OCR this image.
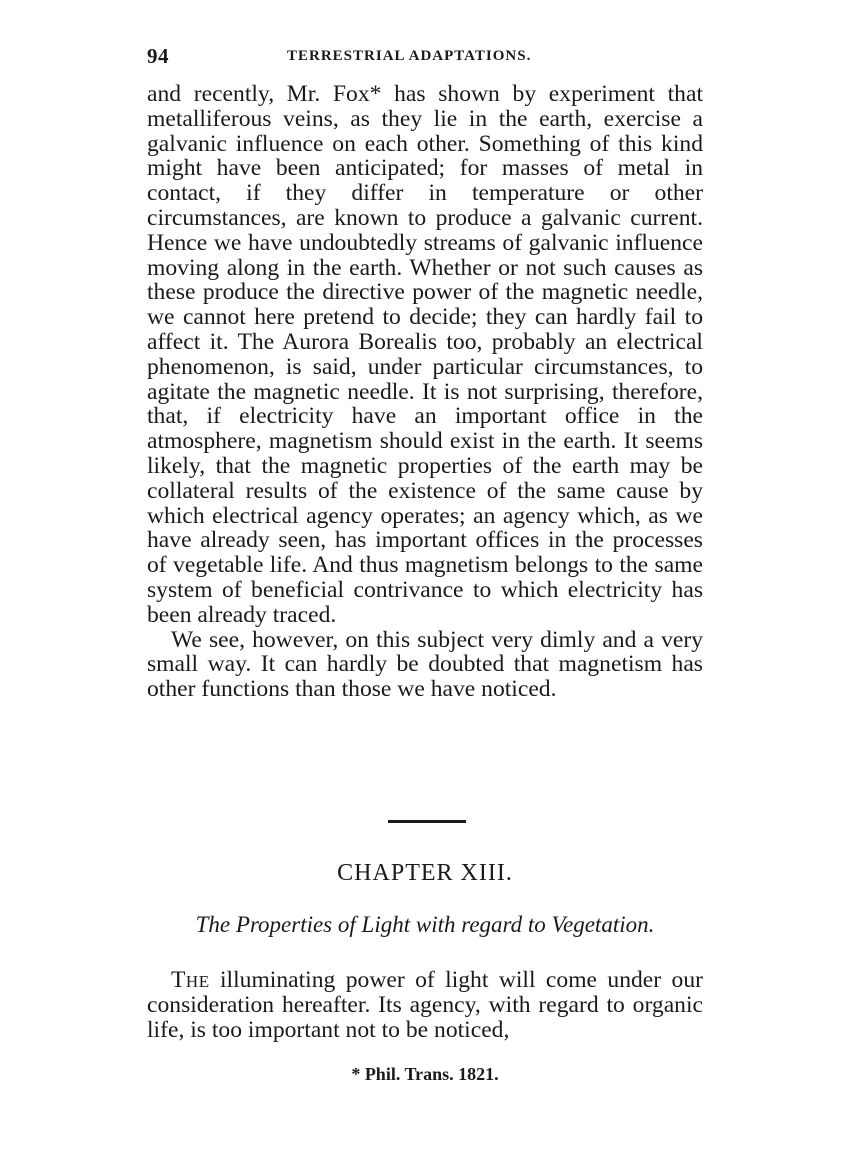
94	TERRESTRIAL ADAPTATIONS.

and recently, Mr. Fox* has shown by experiment that metalliferous veins, as they lie in the earth, exercise a galvanic influence on each other. Something of this kind might have been anticipated; for masses of metal in contact, if they differ in temperature or other circumstances, are known to produce a galvanic current. Hence we have undoubtedly streams of galvanic influence moving along in the earth. Whether or not such causes as these produce the directive power of the magnetic needle, we cannot here pretend to decide; they can hardly fail to affect it. The Aurora Borealis too, probably an electrical phenomenon, is said, under particular circumstances, to agitate the magnetic needle. It is not surprising, therefore, that, if electricity have an important office in the atmosphere, magnetism should exist in the earth. It seems likely, that the magnetic properties of the earth may be collateral results of the existence of the same cause by which electrical agency operates; an agency which, as we have already seen, has important offices in the processes of vegetable life. And thus magnetism belongs to the same system of beneficial contrivance to which electricity has been already traced.

We see, however, on this subject very dimly and a very small way. It can hardly be doubted that magnetism has other functions than those we have noticed.

CHAPTER XIII.
The Properties of Light with regard to Vegetation.

The illuminating power of light will come under our consideration hereafter. Its agency, with regard to organic life, is too important not to be noticed,

* Phil. Trans. 1821.
